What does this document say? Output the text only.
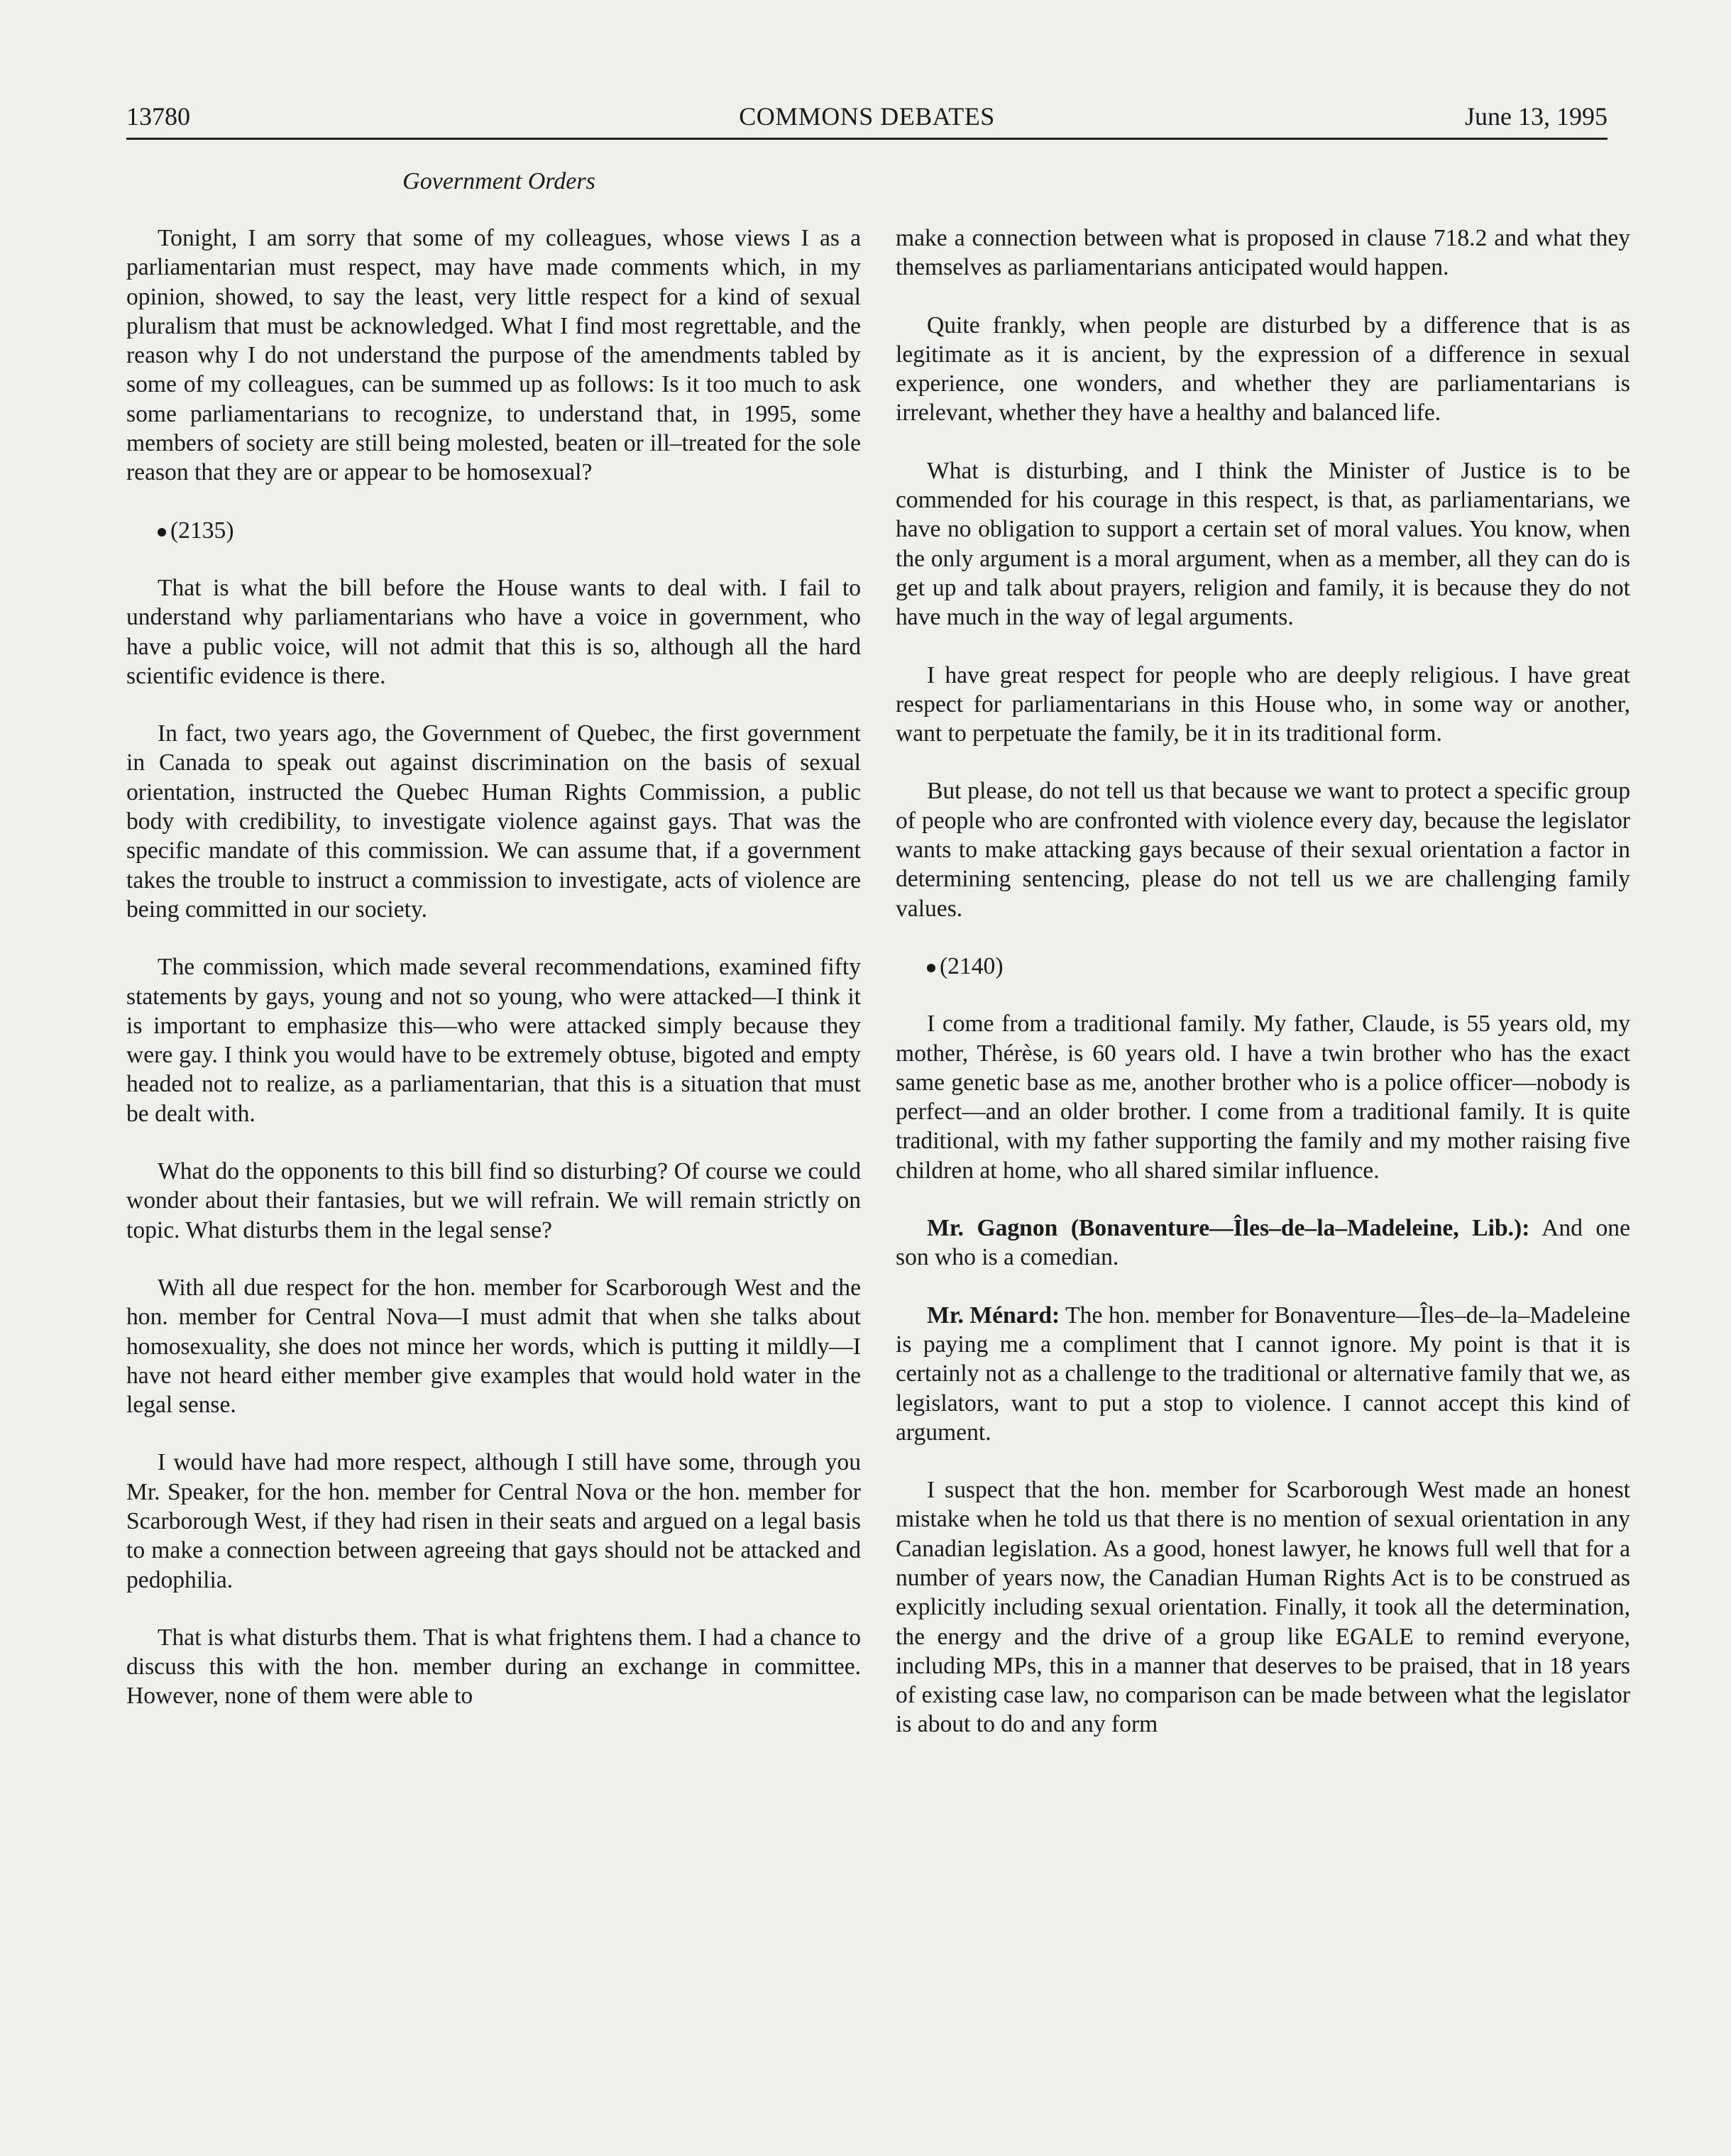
13780	COMMONS DEBATES	June 13, 1995
Government Orders

Tonight, I am sorry that some of my colleagues, whose views I as a parliamentarian must respect, may have made comments which, in my opinion, showed, to say the least, very little respect for a kind of sexual pluralism that must be acknowledged. What I find most regrettable, and the reason why I do not understand the purpose of the amendments tabled by some of my colleagues, can be summed up as follows: Is it too much to ask some parliamentarians to recognize, to understand that, in 1995, some members of society are still being molested, beaten or ill–treated for the sole reason that they are or appear to be homosexual?

(2135)

That is what the bill before the House wants to deal with. I fail to understand why parliamentarians who have a voice in government, who have a public voice, will not admit that this is so, although all the hard scientific evidence is there.

In fact, two years ago, the Government of Quebec, the first government in Canada to speak out against discrimination on the basis of sexual orientation, instructed the Quebec Human Rights Commission, a public body with credibility, to investigate violence against gays. That was the specific mandate of this commission. We can assume that, if a government takes the trouble to instruct a commission to investigate, acts of violence are being committed in our society.

The commission, which made several recommendations, examined fifty statements by gays, young and not so young, who were attacked—I think it is important to emphasize this—who were attacked simply because they were gay. I think you would have to be extremely obtuse, bigoted and empty headed not to realize, as a parliamentarian, that this is a situation that must be dealt with.

What do the opponents to this bill find so disturbing? Of course we could wonder about their fantasies, but we will refrain. We will remain strictly on topic. What disturbs them in the legal sense?

With all due respect for the hon. member for Scarborough West and the hon. member for Central Nova—I must admit that when she talks about homosexuality, she does not mince her words, which is putting it mildly—I have not heard either member give examples that would hold water in the legal sense.

I would have had more respect, although I still have some, through you Mr. Speaker, for the hon. member for Central Nova or the hon. member for Scarborough West, if they had risen in their seats and argued on a legal basis to make a connection between agreeing that gays should not be attacked and pedophilia.

That is what disturbs them. That is what frightens them. I had a chance to discuss this with the hon. member during an exchange in committee. However, none of them were able to

make a connection between what is proposed in clause 718.2 and what they themselves as parliamentarians anticipated would happen.

Quite frankly, when people are disturbed by a difference that is as legitimate as it is ancient, by the expression of a difference in sexual experience, one wonders, and whether they are parliamentarians is irrelevant, whether they have a healthy and balanced life.

What is disturbing, and I think the Minister of Justice is to be commended for his courage in this respect, is that, as parliamentarians, we have no obligation to support a certain set of moral values. You know, when the only argument is a moral argument, when as a member, all they can do is get up and talk about prayers, religion and family, it is because they do not have much in the way of legal arguments.

I have great respect for people who are deeply religious. I have great respect for parliamentarians in this House who, in some way or another, want to perpetuate the family, be it in its traditional form.

But please, do not tell us that because we want to protect a specific group of people who are confronted with violence every day, because the legislator wants to make attacking gays because of their sexual orientation a factor in determining sentencing, please do not tell us we are challenging family values.

(2140)

I come from a traditional family. My father, Claude, is 55 years old, my mother, Thérèse, is 60 years old. I have a twin brother who has the exact same genetic base as me, another brother who is a police officer—nobody is perfect—and an older brother. I come from a traditional family. It is quite traditional, with my father supporting the family and my mother raising five children at home, who all shared similar influence.

Mr. Gagnon (Bonaventure—Îles–de–la–Madeleine, Lib.): And one son who is a comedian.

Mr. Ménard: The hon. member for Bonaventure—Îles–de–la–Madeleine is paying me a compliment that I cannot ignore. My point is that it is certainly not as a challenge to the traditional or alternative family that we, as legislators, want to put a stop to violence. I cannot accept this kind of argument.

I suspect that the hon. member for Scarborough West made an honest mistake when he told us that there is no mention of sexual orientation in any Canadian legislation. As a good, honest lawyer, he knows full well that for a number of years now, the Canadian Human Rights Act is to be construed as explicitly including sexual orientation. Finally, it took all the determination, the energy and the drive of a group like EGALE to remind everyone, including MPs, this in a manner that deserves to be praised, that in 18 years of existing case law, no comparison can be made between what the legislator is about to do and any form
